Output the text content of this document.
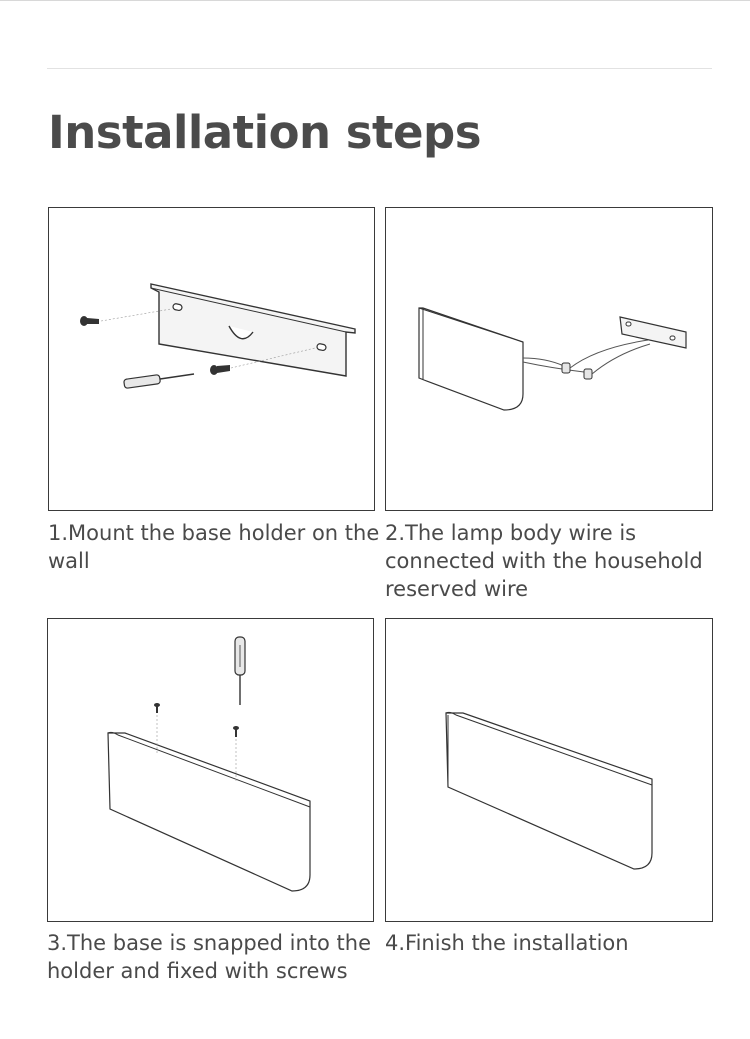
Installation steps

1.Mount the base holder on the wall

2.The lamp body wire is connected with the household reserved wire

3.The base is snapped into the holder and fixed with screws

4.Finish the installation
